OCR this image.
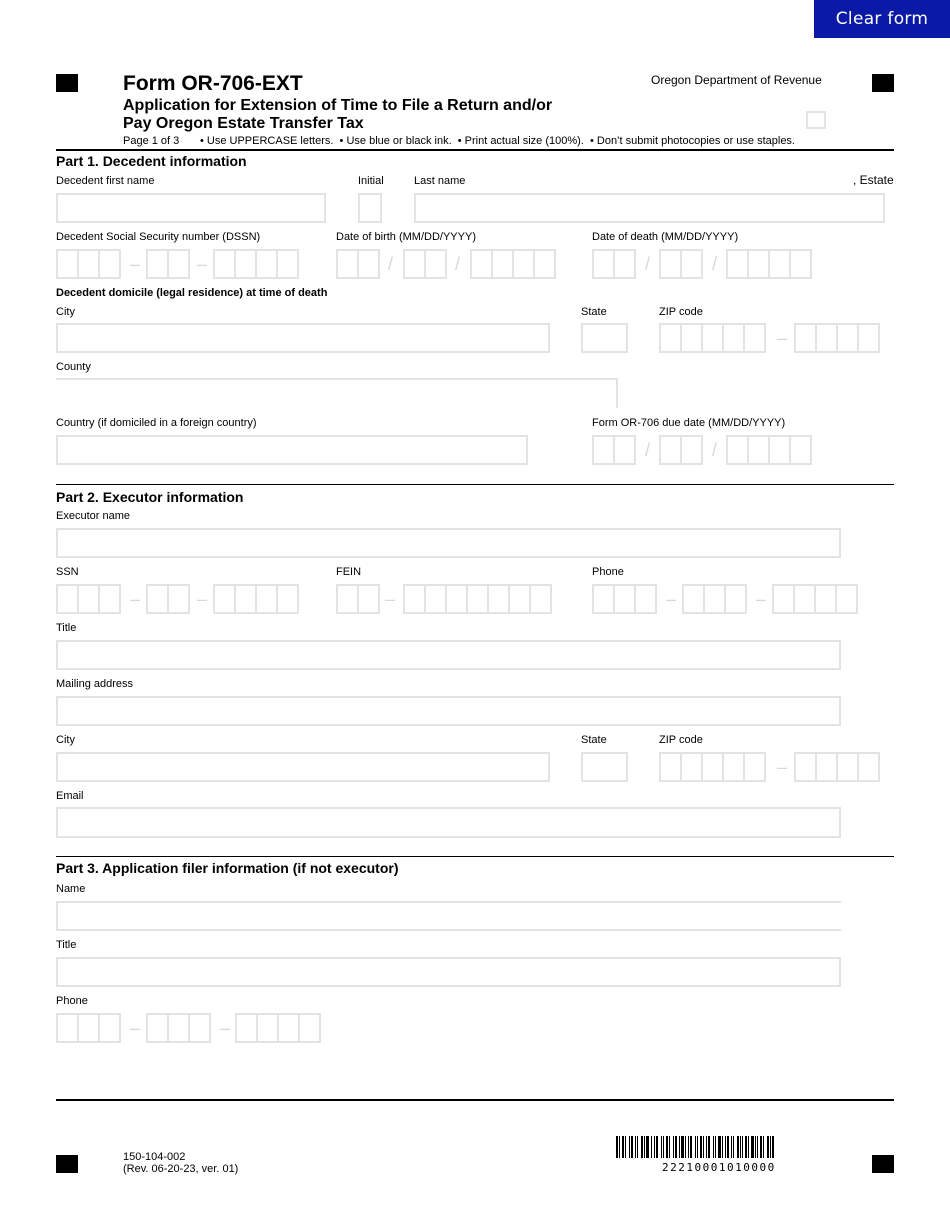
Clear form
Form OR-706-EXT
Application for Extension of Time to File a Return and/or
Pay Oregon Estate Transfer Tax
Oregon Department of Revenue
Page 1 of 3 • Use UPPERCASE letters.  • Use blue or black ink.  • Print actual size (100%).  • Don’t submit photocopies or use staples.
Part 1. Decedent information
Decedent first name	Initial	Last name	, Estate
Decedent Social Security number (DSSN)	Date of birth (MM/DD/YYYY)	Date of death (MM/DD/YYYY)
–	–	/	/	/	/
Decedent domicile (legal residence) at time of death
City	State	ZIP code
–
County
Country (if domiciled in a foreign country)	Form OR-706 due date (MM/DD/YYYY)
/	/
Part 2. Executor information
Executor name
SSN	FEIN	Phone
–	–	–	–	–
Title
Mailing address
City	State	ZIP code
–
Email
Part 3. Application filer information (if not executor)
Name
Title
Phone
–	–
150-104-002
(Rev. 06-20-23, ver. 01)	22210001010000
